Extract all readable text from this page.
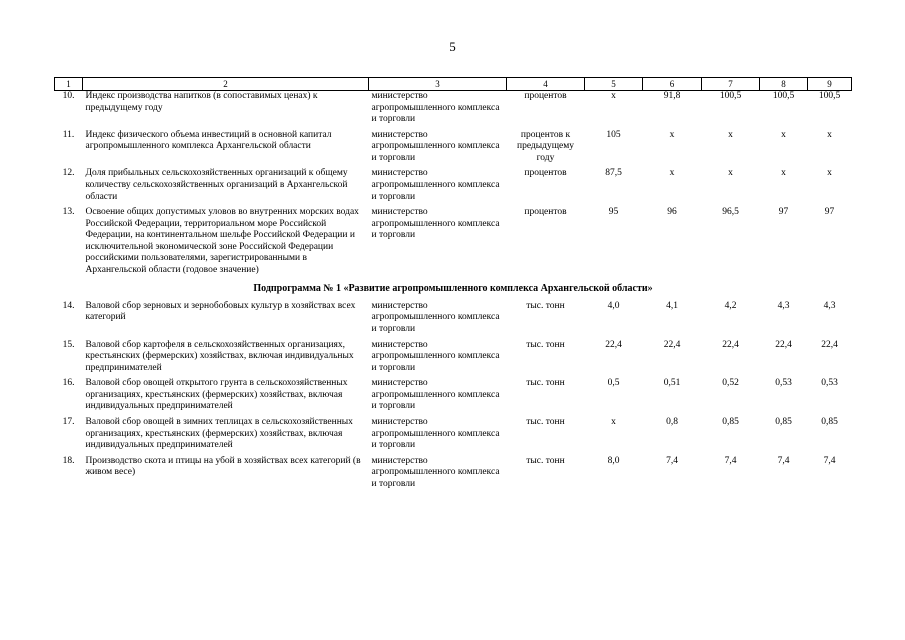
5
1	2	3	4	5	6	7	8	9
10.	Индекс производства напитков (в сопоставимых ценах) к предыдущему году	министерство агропромышленного комплекса и торговли	процентов	x	91,8	100,5	100,5	100,5
11.	Индекс физического объема инвестиций в основной капитал агропромышленного комплекса Архангельской области	министерство агропромышленного комплекса и торговли	процентов к предыдущему году	105	x	x	x	x
12.	Доля прибыльных сельскохозяйственных организаций к общему количеству сельскохозяйственных организаций в Архангельской области	министерство агропромышленного комплекса и торговли	процентов	87,5	x	x	x	x
13.	Освоение общих допустимых уловов во внутренних морских водах Российской Федерации, территориальном море Российской Федерации, на континентальном шельфе Российской Федерации и исключительной экономической зоне Российской Федерации российскими пользователями, зарегистрированными в Архангельской области (годовое значение)	министерство агропромышленного комплекса и торговли	процентов	95	96	96,5	97	97
Подпрограмма № 1 «Развитие агропромышленного комплекса Архангельской области»								
14.	Валовой сбор зерновых и зернобобовых культур в хозяйствах всех категорий	министерство агропромышленного комплекса и торговли	тыс. тонн	4,0	4,1	4,2	4,3	4,3
15.	Валовой сбор картофеля в сельскохозяйственных организациях, крестьянских (фермерских) хозяйствах, включая индивидуальных предпринимателей	министерство агропромышленного комплекса и торговли	тыс. тонн	22,4	22,4	22,4	22,4	22,4
16.	Валовой сбор овощей открытого грунта в сельскохозяйственных организациях, крестьянских (фермерских) хозяйствах, включая индивидуальных предпринимателей	министерство агропромышленного комплекса и торговли	тыс. тонн	0,5	0,51	0,52	0,53	0,53
17.	Валовой сбор овощей в зимних теплицах в сельскохозяйственных организациях, крестьянских (фермерских) хозяйствах, включая индивидуальных предпринимателей	министерство агропромышленного комплекса и торговли	тыс. тонн	x	0,8	0,85	0,85	0,85
18.	Производство скота и птицы на убой в хозяйствах всех категорий (в живом весе)	министерство агропромышленного комплекса и торговли	тыс. тонн	8,0	7,4	7,4	7,4	7,4
